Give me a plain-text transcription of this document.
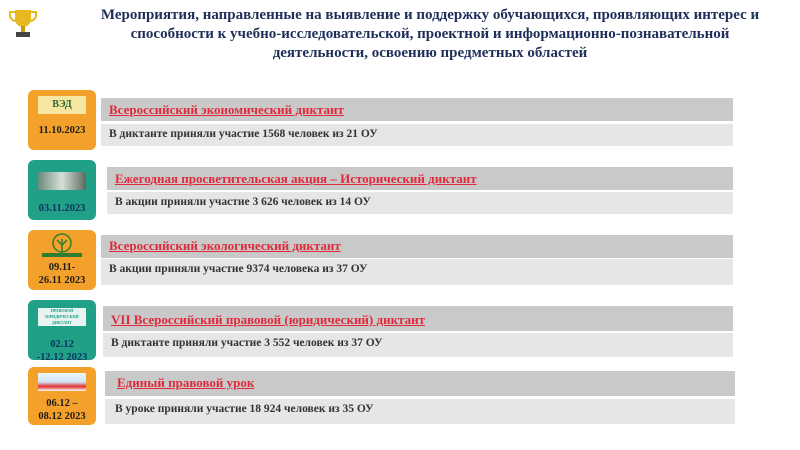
Мероприятия, направленные на выявление и поддержку обучающихся, проявляющих интерес и способности к учебно-исследовательской, проектной и информационно-познавательной деятельности, освоению предметных областей
ВЭД
11.10.2023
Всероссийский экономический диктант
В диктанте приняли участие 1568 человек из 21 ОУ
03.11.2023
Ежегодная просветительская акция – Исторический диктант
В акции приняли участие 3 626 человек из 14 ОУ
09.11-26.11 2023
Всероссийский экологический диктант
В акции приняли участие 9374 человека из 37 ОУ
ПРАВОВОЙ
ЮРИДИЧЕСКИЙ
ДИКТАНТ
02.12 -12.12 2023
VII Всероссийский правовой (юридический) диктант
В диктанте приняли участие 3 552 человек из 37 ОУ
06.12 – 08.12 2023
Единый правовой урок
В уроке приняли участие 18 924 человек из 35 ОУ
